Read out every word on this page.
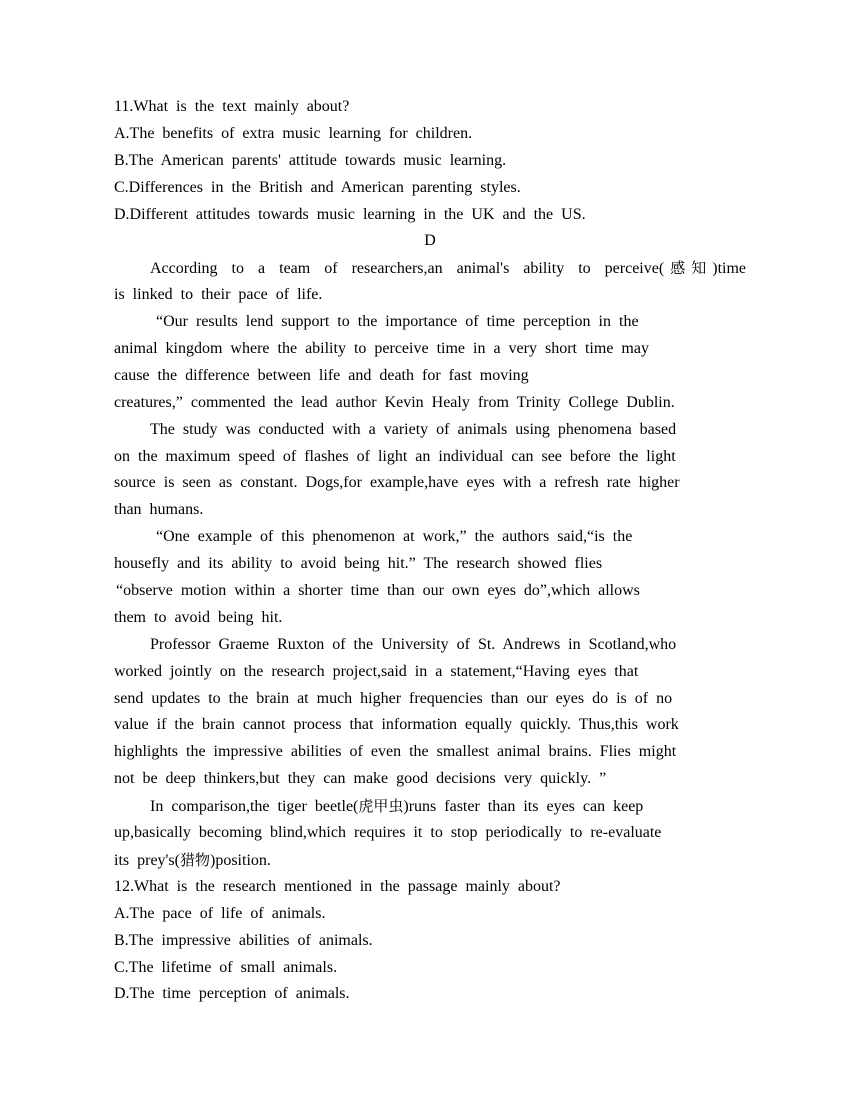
11.What is the text mainly about?
A.The benefits of extra music learning for children.
B.The American parents' attitude towards music learning.
C.Differences in the British and American parenting styles.
D.Different attitudes towards music learning in the UK and the US.
D
According to a team of researchers,an animal's ability to perceive(感知)time
is linked to their pace of life.
“Our results lend support to the importance of time perception in the
animal kingdom where the ability to perceive time in a very short time may
cause the difference between life and death for fast moving
creatures,” commented the lead author Kevin Healy from Trinity College Dublin.
The study was conducted with a variety of animals using phenomena based
on the maximum speed of flashes of light an individual can see before the light
source is seen as constant. Dogs,for example,have eyes with a refresh rate higher
than humans.
“One example of this phenomenon at work,” the authors said,“is the
housefly and its ability to avoid being hit.” The research showed flies
“observe motion within a shorter time than our own eyes do”,which allows
them to avoid being hit.
Professor Graeme Ruxton of the University of St. Andrews in Scotland,who
worked jointly on the research project,said in a statement,“Having eyes that
send updates to the brain at much higher frequencies than our eyes do is of no
value if the brain cannot process that information equally quickly. Thus,this work
highlights the impressive abilities of even the smallest animal brains. Flies might
not be deep thinkers,but they can make good decisions very quickly. ”
In comparison,the tiger beetle(虎甲虫)runs faster than its eyes can keep
up,basically becoming blind,which requires it to stop periodically to re-evaluate
its prey's(猎物)position.
12.What is the research mentioned in the passage mainly about?
A.The pace of life of animals.
B.The impressive abilities of animals.
C.The lifetime of small animals.
D.The time perception of animals.
